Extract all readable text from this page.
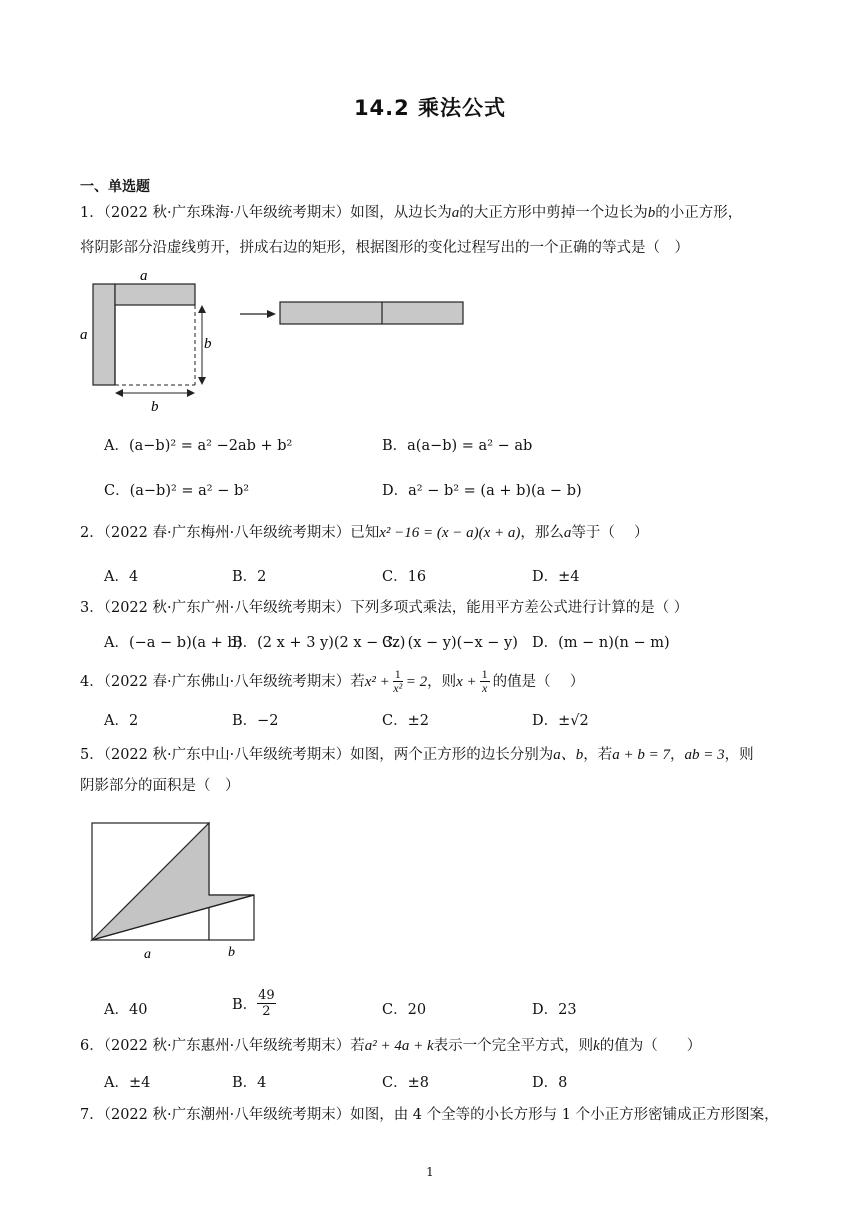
14.2 乘法公式
一、单选题
1．（2022 秋·广东珠海·八年级统考期末）如图，从边长为a的大正方形中剪掉一个边长为b的小正方形，
将阴影部分沿虚线剪开，拼成右边的矩形，根据图形的变化过程写出的一个正确的等式是（　）
a
a
b
b
A．(a−b)² = a² −2ab + b²	B．a(a−b) = a² − ab
C．(a−b)² = a² − b²	D．a² − b² = (a + b)(a − b)
2．（2022 春·广东梅州·八年级统考期末）已知x² −16 = (x − a)(x + a)，那么a等于（　 ）
A．4	B．2	C．16	D．±4
3．（2022 秋·广东广州·八年级统考期末）下列多项式乘法，能用平方差公式进行计算的是（ ）
A．(−a − b)(a + b)
B．(2 x + 3 y)(2 x − 3z)
C．(x − y)(−x − y) D．(m − n)(n − m)
4．（2022 春·广东佛山·八年级统考期末）若 $x^2 + \frac{1}{\text{x²}} = 2$ ，则 $x + \frac{1}{x}$ 的值是（　 ）
A．2	B．−2	C．±2	D．±√2
5．（2022 秋·广东中山·八年级统考期末）如图，两个正方形的边长分别为a、b，若a + b = 7，ab = 3，则
阴影部分的面积是（　）
a	b
A．40	B．
49
2	C．20	D．23
6．（2022 秋·广东惠州·八年级统考期末）若a² + 4a + k表示一个完全平方式，则k的值为（　　）
A．±4	B．4	C．±8	D．8
7．（2022 秋·广东潮州·八年级统考期末）如图，由 4 个全等的小长方形与 1 个小正方形密铺成正方形图案，
1
